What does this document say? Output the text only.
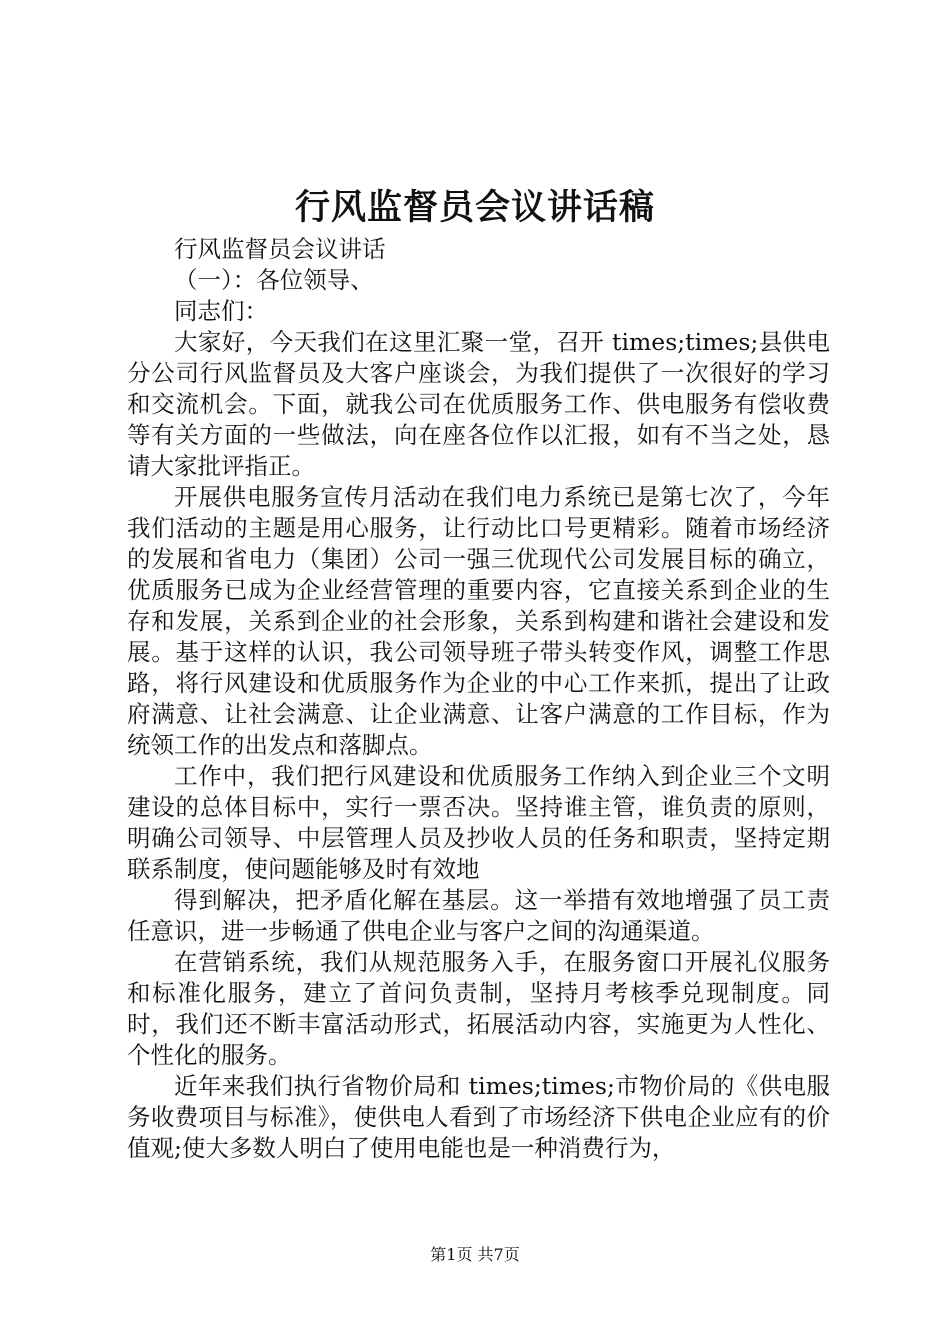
行风监督员会议讲话稿

行风监督员会议讲话

（一）：各位领导、

同志们：

大家好，今天我们在这里汇聚一堂，召开 times;times;县供电分公司行风监督员及大客户座谈会，为我们提供了一次很好的学习和交流机会。下面，就我公司在优质服务工作、供电服务有偿收费等有关方面的一些做法，向在座各位作以汇报，如有不当之处，恳请大家批评指正。

开展供电服务宣传月活动在我们电力系统已是第七次了，今年我们活动的主题是用心服务，让行动比口号更精彩。随着市场经济的发展和省电力（集团）公司一强三优现代公司发展目标的确立，优质服务已成为企业经营管理的重要内容，它直接关系到企业的生存和发展，关系到企业的社会形象，关系到构建和谐社会建设和发展。基于这样的认识，我公司领导班子带头转变作风，调整工作思路，将行风建设和优质服务作为企业的中心工作来抓，提出了让政府满意、让社会满意、让企业满意、让客户满意的工作目标，作为统领工作的出发点和落脚点。

工作中，我们把行风建设和优质服务工作纳入到企业三个文明建设的总体目标中，实行一票否决。坚持谁主管，谁负责的原则，明确公司领导、中层管理人员及抄收人员的任务和职责，坚持定期联系制度，使问题能够及时有效地

得到解决，把矛盾化解在基层。这一举措有效地增强了员工责任意识，进一步畅通了供电企业与客户之间的沟通渠道。

在营销系统，我们从规范服务入手，在服务窗口开展礼仪服务和标准化服务，建立了首问负责制，坚持月考核季兑现制度。同时，我们还不断丰富活动形式，拓展活动内容，实施更为人性化、个性化的服务。

近年来我们执行省物价局和 times;times;市物价局的《供电服务收费项目与标准》，使供电人看到了市场经济下供电企业应有的价值观;使大多数人明白了使用电能也是一种消费行为，

第1页 共7页
